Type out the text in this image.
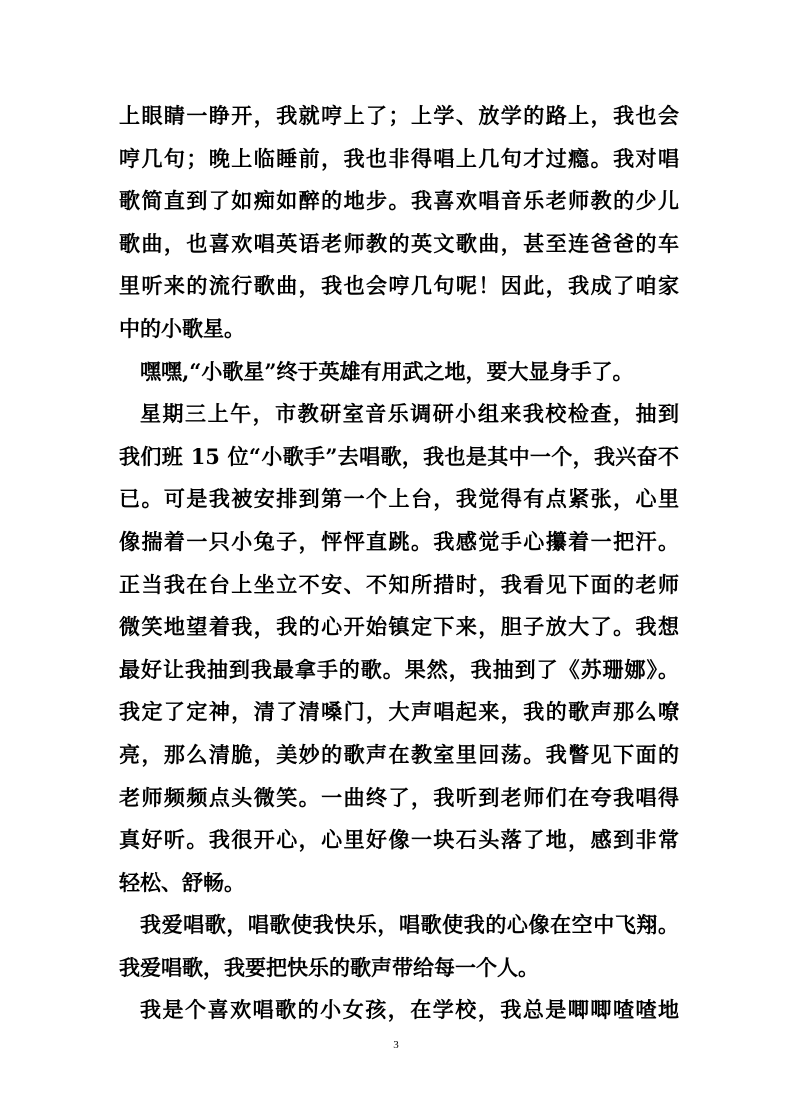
上眼睛一睁开，我就哼上了；上学、放学的路上，我也会
哼几句；晚上临睡前，我也非得唱上几句才过瘾。我对唱
歌简直到了如痴如醉的地步。我喜欢唱音乐老师教的少儿
歌曲，也喜欢唱英语老师教的英文歌曲，甚至连爸爸的车
里听来的流行歌曲，我也会哼几句呢！因此，我成了咱家
中的小歌星。
嘿嘿,“小歌星”终于英雄有用武之地，要大显身手了。
星期三上午，市教研室音乐调研小组来我校检查，抽到
我们班 15 位“小歌手”去唱歌，我也是其中一个，我兴奋不
已。可是我被安排到第一个上台，我觉得有点紧张，心里
像揣着一只小兔子，怦怦直跳。我感觉手心攥着一把汗。
正当我在台上坐立不安、不知所措时，我看见下面的老师
微笑地望着我，我的心开始镇定下来，胆子放大了。我想
最好让我抽到我最拿手的歌。果然，我抽到了《苏珊娜》。
我定了定神，清了清嗓门，大声唱起来，我的歌声那么嘹
亮，那么清脆，美妙的歌声在教室里回荡。我瞥见下面的
老师频频点头微笑。一曲终了，我听到老师们在夸我唱得
真好听。我很开心，心里好像一块石头落了地，感到非常
轻松、舒畅。
我爱唱歌，唱歌使我快乐，唱歌使我的心像在空中飞翔。
我爱唱歌，我要把快乐的歌声带给每一个人。
我是个喜欢唱歌的小女孩，在学校，我总是唧唧喳喳地
3
